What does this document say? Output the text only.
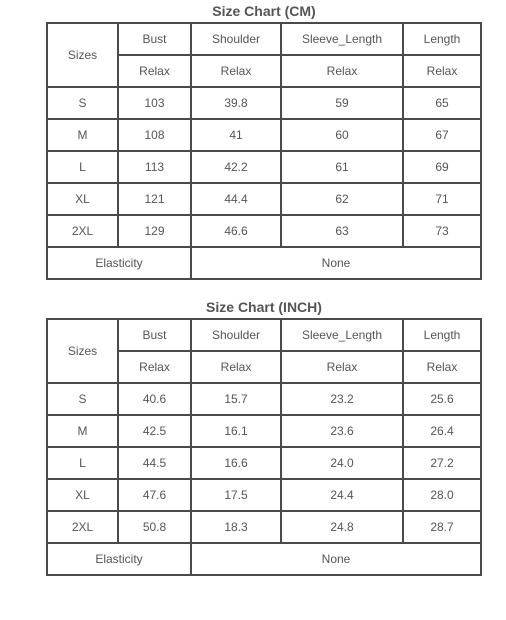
Size Chart (CM)
Sizes	Bust	Shoulder	Sleeve_Length	Length
	Relax	Relax	Relax	Relax
S	103	39.8	59	65
M	108	41	60	67
L	113	42.2	61	69
XL	121	44.4	62	71
2XL	129	46.6	63	73
Elasticity		None		
Size Chart (INCH)
Sizes	Bust	Shoulder	Sleeve_Length	Length
	Relax	Relax	Relax	Relax
S	40.6	15.7	23.2	25.6
M	42.5	16.1	23.6	26.4
L	44.5	16.6	24.0	27.2
XL	47.6	17.5	24.4	28.0
2XL	50.8	18.3	24.8	28.7
Elasticity		None		
